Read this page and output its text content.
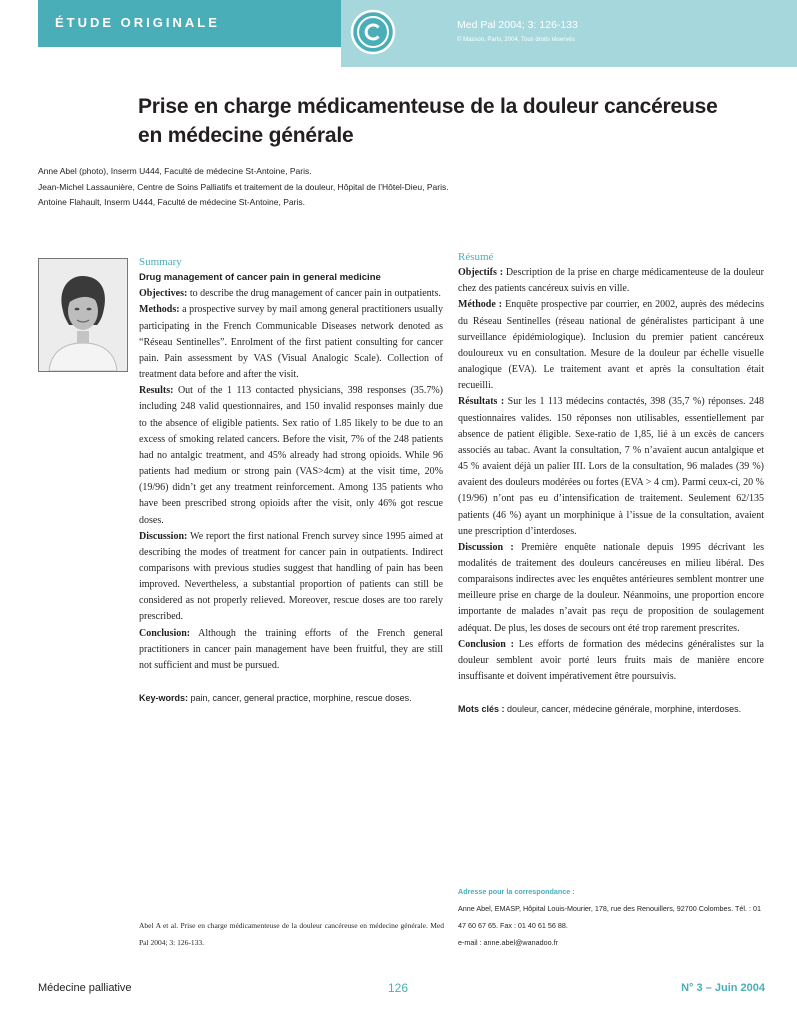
ÉTUDE ORIGINALE	Med Pal 2004; 3: 126-133
© Masson, Paris, 2004, Tous droits réservés
Prise en charge médicamenteuse de la douleur cancéreuse
en médecine générale
Anne Abel (photo), Inserm U444, Faculté de médecine St-Antoine, Paris.
Jean-Michel Lassaunière, Centre de Soins Palliatifs et traitement de la douleur, Hôpital de l’Hôtel-Dieu, Paris.
Antoine Flahault, Inserm U444, Faculté de médecine St-Antoine, Paris.
Summary
Drug management of cancer pain in general medicine

Objectives: to describe the drug management of cancer pain in outpatients.

Methods: a prospective survey by mail among general practitioners usually participating in the French Communicable Diseases network denoted as “Réseau Sentinelles”. Enrolment of the first patient consulting for cancer pain. Pain assessment by VAS (Visual Analogic Scale). Collection of treatment data before and after the visit.

Results: Out of the 1 113 contacted physicians, 398 responses (35.7%) including 248 valid questionnaires, and 150 invalid responses mainly due to the absence of eligible patients. Sex ratio of 1.85 likely to be due to an excess of smoking related cancers. Before the visit, 7% of the 248 patients had no antalgic treatment, and 45% already had strong opioids. While 96 patients had medium or strong pain (VAS>4cm) at the visit time, 20% (19/96) didn’t get any treatment reinforcement. Among 135 patients who have been prescribed strong opioids after the visit, only 46% got rescue doses.

Discussion: We report the first national French survey since 1995 aimed at describing the modes of treatment for cancer pain in outpatients. Indirect comparisons with previous studies suggest that handling of pain has been improved. Nevertheless, a substantial proportion of patients can still be considered as not properly relieved. Moreover, rescue doses are too rarely prescribed.

Conclusion: Although the training efforts of the French general practitioners in cancer pain management have been fruitful, they are still not sufficient and must be pursued.

Key-words: pain, cancer, general practice, morphine, rescue doses.
Résumé

Objectifs : Description de la prise en charge médicamenteuse de la douleur chez des patients cancéreux suivis en ville.

Méthode : Enquête prospective par courrier, en 2002, auprès des médecins du Réseau Sentinelles (réseau national de généralistes participant à une surveillance épidémiologique). Inclusion du premier patient cancéreux douloureux vu en consultation. Mesure de la douleur par échelle visuelle analogique (EVA). Le traitement avant et après la consultation était recueilli.

Résultats : Sur les 1 113 médecins contactés, 398 (35,7 %) réponses. 248 questionnaires valides. 150 réponses non utilisables, essentiellement par absence de patient éligible. Sexe-ratio de 1,85, lié à un excès de cancers associés au tabac. Avant la consultation, 7 % n’avaient aucun antalgique et 45 % avaient déjà un palier III. Lors de la consultation, 96 malades (39 %) avaient des douleurs modérées ou fortes (EVA > 4 cm). Parmi ceux-ci, 20 % (19/96) n’ont pas eu d’intensification de traitement. Seulement 62/135 patients (46 %) ayant un morphinique à l’issue de la consultation, avaient une prescription d’interdoses.

Discussion : Première enquête nationale depuis 1995 décrivant les modalités de traitement des douleurs cancéreuses en milieu libéral. Des comparaisons indirectes avec les enquêtes antérieures semblent montrer une meilleure prise en charge de la douleur. Néanmoins, une proportion encore importante de malades n’avait pas reçu de proposition de soulagement adéquat. De plus, les doses de secours ont été trop rarement prescrites.

Conclusion : Les efforts de formation des médecins généralistes sur la douleur semblent avoir porté leurs fruits mais de manière encore insuffisante et doivent impérativement être poursuivis.

Mots clés : douleur, cancer, médecine générale, morphine, interdoses.
Adresse pour la correspondance :
Anne Abel, EMASP, Hôpital Louis-Mourier, 178, rue des Renouillers, 92700 Colombes. Tél. : 01 47 60 67 65. Fax : 01 40 61 56 88.
e-mail : anne.abel@wanadoo.fr
Abel A et al. Prise en charge médicamenteuse de la douleur cancéreuse en médecine générale. Med Pal 2004; 3: 126-133.
Médecine palliative	126	N° 3 – Juin 2004
